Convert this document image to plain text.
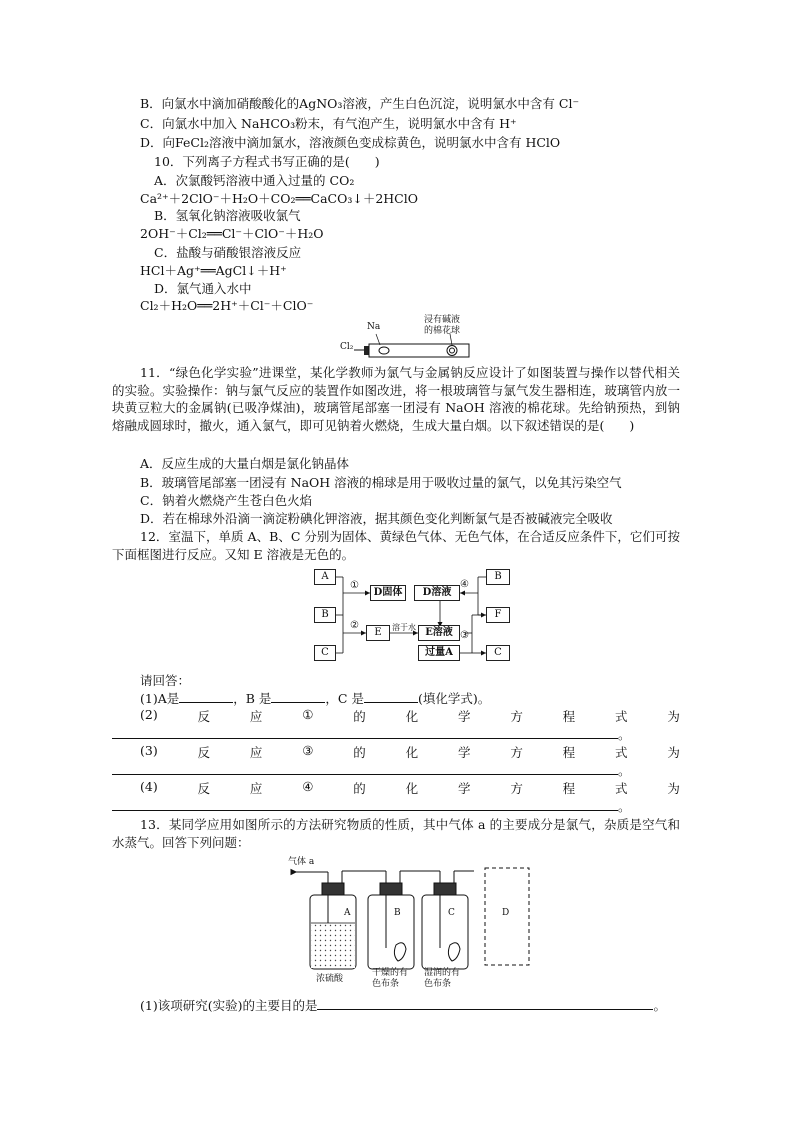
B．向氯水中滴加硝酸酸化的AgNO₃溶液，产生白色沉淀，说明氯水中含有 Cl⁻
C．向氯水中加入 NaHCO₃粉末，有气泡产生，说明氯水中含有 H⁺
D．向FeCl₂溶液中滴加氯水，溶液颜色变成棕黄色，说明氯水中含有 HClO
10．下列离子方程式书写正确的是(　　)
A．次氯酸钙溶液中通入过量的 CO₂
Ca²⁺＋2ClO⁻＋H₂O＋CO₂══CaCO₃↓＋2HClO
B．氢氧化钠溶液吸收氯气
2OH⁻＋Cl₂══Cl⁻＋ClO⁻＋H₂O
C．盐酸与硝酸银溶液反应
HCl＋Ag⁺══AgCl↓＋H⁺
D．氯气通入水中
Cl₂＋H₂O══2H⁺＋Cl⁻＋ClO⁻
Cl₂
Na
浸有碱液
的棉花球
11．“绿色化学实验”进课堂，某化学教师为氯气与金属钠反应设计了如图装置与操作以替代相关的实验。实验操作：钠与氯气反应的装置作如图改进，将一根玻璃管与氯气发生器相连，玻璃管内放一块黄豆粒大的金属钠(已吸净煤油)，玻璃管尾部塞一团浸有 NaOH 溶液的棉花球。先给钠预热，到钠熔融成圆球时，撤火，通入氯气，即可见钠着火燃烧，生成大量白烟。以下叙述错误的是(　　)
A．反应生成的大量白烟是氯化钠晶体
B．玻璃管尾部塞一团浸有 NaOH 溶液的棉球是用于吸收过量的氯气，以免其污染空气
C．钠着火燃烧产生苍白色火焰
D．若在棉球外沿滴一滴淀粉碘化钾溶液，据其颜色变化判断氯气是否被碱液完全吸收
12．室温下，单质 A、B、C 分别为固体、黄绿色气体、无色气体，在合适反应条件下，它们可按下面框图进行反应。又知 E 溶液是无色的。
A
B
C
①
②
D固体	D溶液
④
E	溶于水 E溶液 ③
过量A
B
F
C
请回答：
(1)A是	，B 是	，C 是	(填化学式)。
(2)	反	应	①	的	化	学	方	程	式	为
。
(3)	反	应	③	的	化	学	方	程	式	为
。
(4)	反	应	④	的	化	学	方	程	式	为
。
13．某同学应用如图所示的方法研究物质的性质，其中气体 a 的主要成分是氯气，杂质是空气和水蒸气。回答下列问题：
气体 a
A	B	C	D
浓硫酸
干燥的有
色布条
湿润的有
色布条
(1)该项研究(实验)的主要目的是	。
